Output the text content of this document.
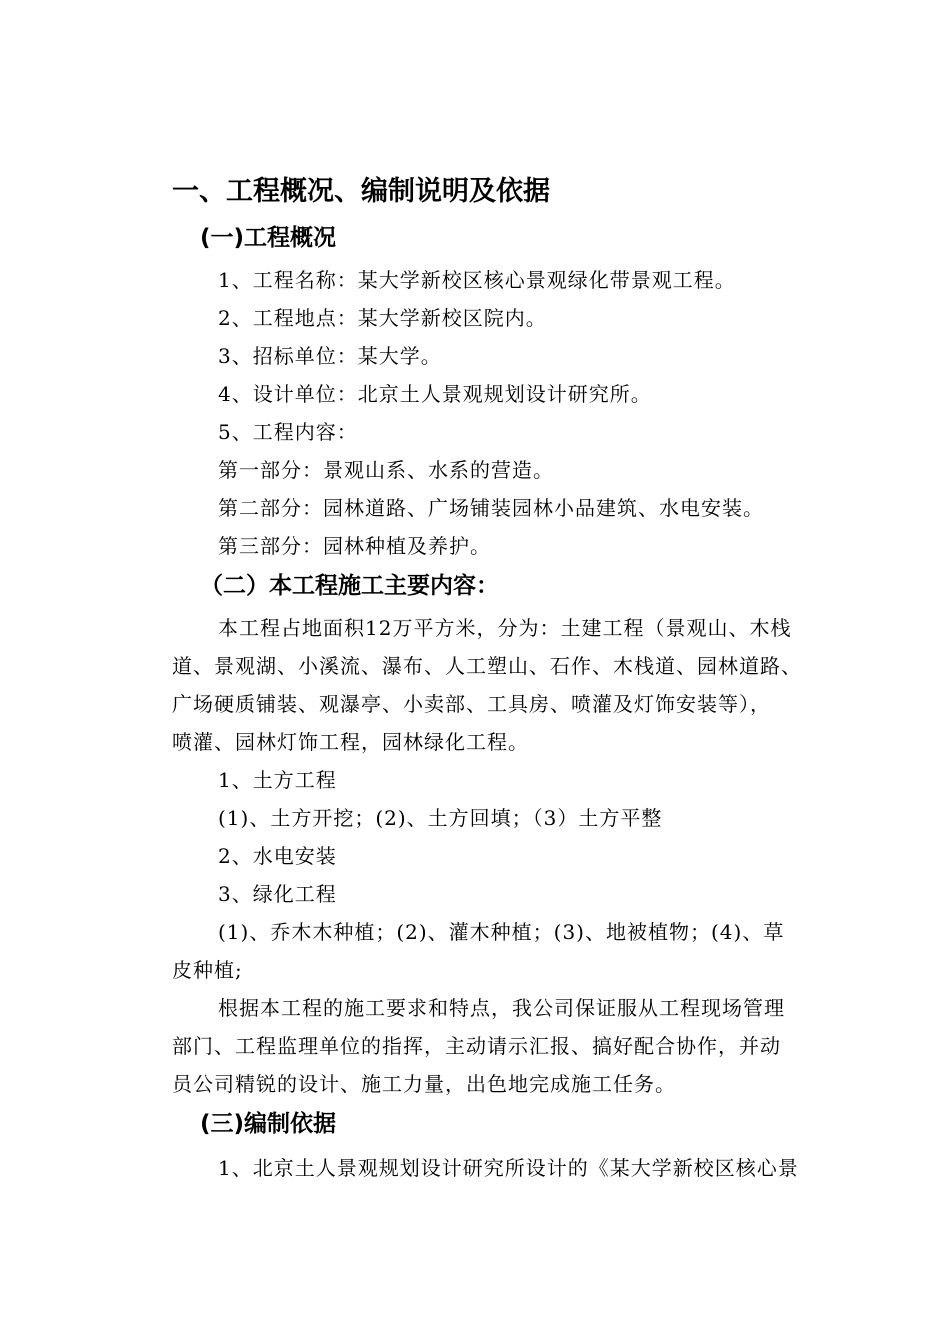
一、工程概况、编制说明及依据
(一)工程概况
1、工程名称：某大学新校区核心景观绿化带景观工程。
2、工程地点：某大学新校区院内。
3、招标单位：某大学。
4、设计单位：北京土人景观规划设计研究所。
5、工程内容：
第一部分：景观山系、水系的营造。
第二部分：园林道路、广场铺装园林小品建筑、水电安装。
第三部分：园林种植及养护。
（二）本工程施工主要内容：
本工程占地面积12万平方米，分为：土建工程（景观山、木栈
道、景观湖、小溪流、瀑布、人工塑山、石作、木栈道、园林道路、
广场硬质铺装、观瀑亭、小卖部、工具房、喷灌及灯饰安装等），
喷灌、园林灯饰工程，园林绿化工程。
1、土方工程
(1)、土方开挖；(2)、土方回填；（3）土方平整
2、水电安装
3、绿化工程
(1)、乔木木种植；(2)、灌木种植；(3)、地被植物；(4)、草
皮种植;
根据本工程的施工要求和特点，我公司保证服从工程现场管理
部门、工程监理单位的指挥，主动请示汇报、搞好配合协作，并动
员公司精锐的设计、施工力量，出色地完成施工任务。
(三)编制依据
1、北京土人景观规划设计研究所设计的《某大学新校区核心景
